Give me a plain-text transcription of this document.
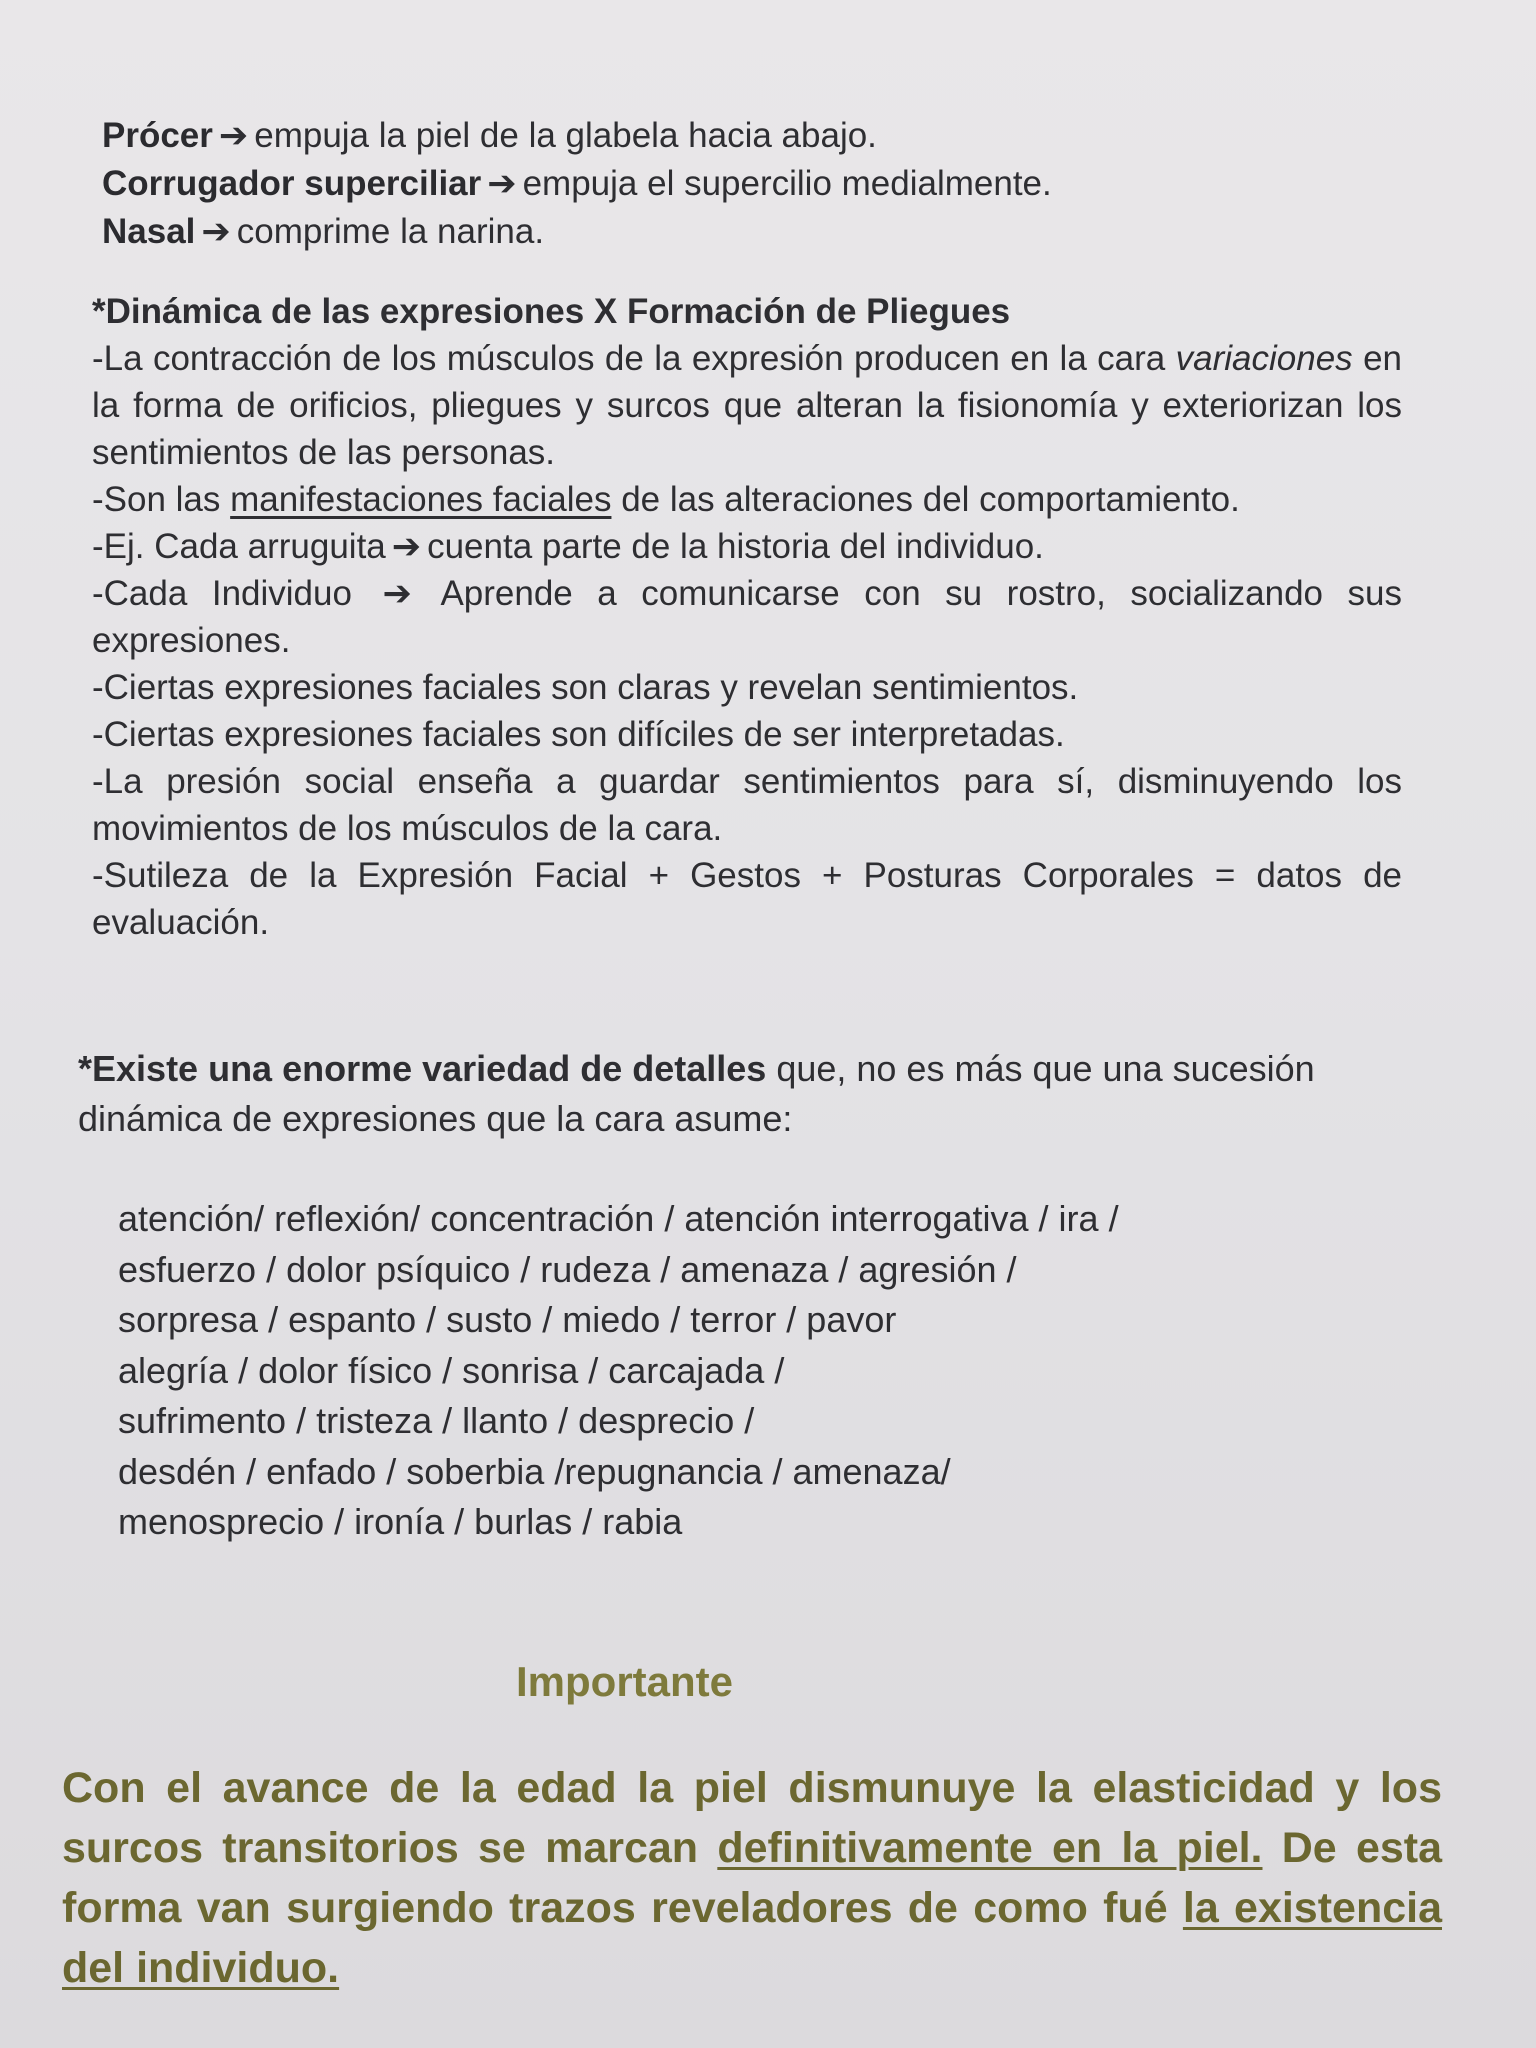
Prócer ➔ empuja la piel de la glabela hacia abajo.
Corrugador superciliar ➔ empuja el supercilio medialmente.
Nasal ➔ comprime la narina.
*Dinámica de las expresiones X Formación de Pliegues
-La contracción de los músculos de la expresión producen en la cara variaciones en la forma de orificios, pliegues y surcos que alteran la fisionomía y exteriorizan los sentimientos de las personas.
-Son las manifestaciones faciales de las alteraciones del comportamiento.
-Ej. Cada arruguita ➔ cuenta parte de la historia del individuo.
-Cada Individuo ➔ Aprende a comunicarse con su rostro, socializando sus expresiones.
-Ciertas expresiones faciales son claras y revelan sentimientos.
-Ciertas expresiones faciales son difíciles de ser interpretadas.
-La presión social enseña a guardar sentimientos para sí, disminuyendo los movimientos de los músculos de la cara.
-Sutileza de la Expresión Facial + Gestos + Posturas Corporales = datos de evaluación.
*Existe una enorme variedad de detalles que, no es más que una sucesión dinámica de expresiones que la cara asume:
atención/ reflexión/ concentración / atención interrogativa / ira /
esfuerzo / dolor psíquico / rudeza / amenaza / agresión /
sorpresa / espanto / susto / miedo / terror / pavor
alegría / dolor físico / sonrisa / carcajada /
sufrimento / tristeza / llanto / desprecio /
desdén / enfado / soberbia /repugnancia / amenaza/
menosprecio / ironía / burlas / rabia
Importante
Con el avance de la edad la piel dismunuye la elasticidad y los surcos transitorios se marcan definitivamente en la piel. De esta forma van surgiendo trazos reveladores de como fué la existencia del individuo.
